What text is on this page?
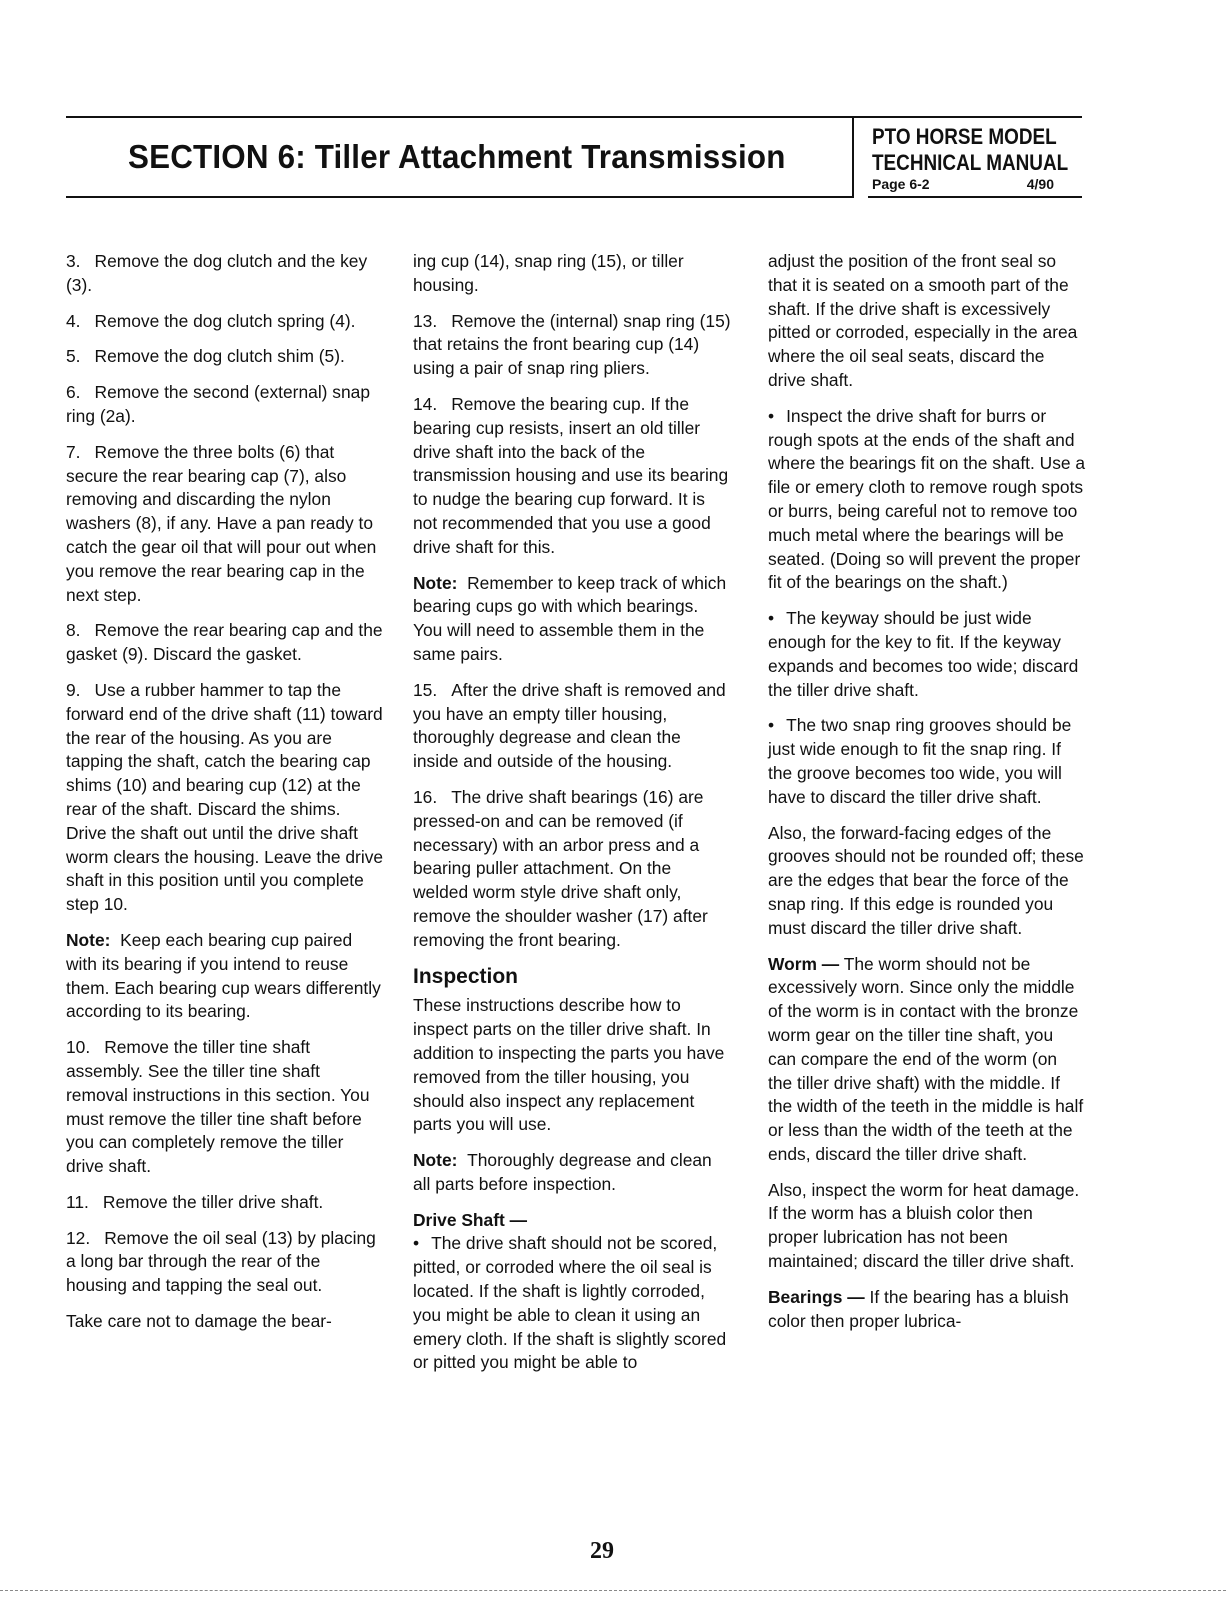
SECTION 6: Tiller Attachment Transmission
PTO HORSE MODEL
TECHNICAL MANUAL
Page 6-2	4/90

3. Remove the dog clutch and the key (3).

4. Remove the dog clutch spring (4).

5. Remove the dog clutch shim (5).

6. Remove the second (external) snap ring (2a).

7. Remove the three bolts (6) that secure the rear bearing cap (7), also removing and discarding the nylon washers (8), if any. Have a pan ready to catch the gear oil that will pour out when you remove the rear bearing cap in the next step.

8. Remove the rear bearing cap and the gasket (9). Discard the gasket.

9. Use a rubber hammer to tap the forward end of the drive shaft (11) toward the rear of the housing. As you are tapping the shaft, catch the bearing cap shims (10) and bearing cup (12) at the rear of the shaft. Discard the shims. Drive the shaft out until the drive shaft worm clears the housing. Leave the drive shaft in this position until you complete step 10.

Note: Keep each bearing cup paired with its bearing if you intend to reuse them. Each bearing cup wears differently according to its bearing.

10. Remove the tiller tine shaft assembly. See the tiller tine shaft removal instructions in this section. You must remove the tiller tine shaft before you can completely remove the tiller drive shaft.

11. Remove the tiller drive shaft.

12. Remove the oil seal (13) by placing a long bar through the rear of the housing and tapping the seal out.

Take care not to damage the bear-

ing cup (14), snap ring (15), or tiller housing.

13. Remove the (internal) snap ring (15) that retains the front bearing cup (14) using a pair of snap ring pliers.

14. Remove the bearing cup. If the bearing cup resists, insert an old tiller drive shaft into the back of the transmission housing and use its bearing to nudge the bearing cup forward. It is not recommended that you use a good drive shaft for this.

Note: Remember to keep track of which bearing cups go with which bearings. You will need to assemble them in the same pairs.

15. After the drive shaft is removed and you have an empty tiller housing, thoroughly degrease and clean the inside and outside of the housing.

16. The drive shaft bearings (16) are pressed-on and can be removed (if necessary) with an arbor press and a bearing puller attachment. On the welded worm style drive shaft only, remove the shoulder washer (17) after removing the front bearing.

Inspection

These instructions describe how to inspect parts on the tiller drive shaft. In addition to inspecting the parts you have removed from the tiller housing, you should also inspect any replacement parts you will use.

Note: Thoroughly degrease and clean all parts before inspection.

Drive Shaft —

• The drive shaft should not be scored, pitted, or corroded where the oil seal is located. If the shaft is lightly corroded, you might be able to clean it using an emery cloth. If the shaft is slightly scored or pitted you might be able to

adjust the position of the front seal so that it is seated on a smooth part of the shaft. If the drive shaft is excessively pitted or corroded, especially in the area where the oil seal seats, discard the drive shaft.

• Inspect the drive shaft for burrs or rough spots at the ends of the shaft and where the bearings fit on the shaft. Use a file or emery cloth to remove rough spots or burrs, being careful not to remove too much metal where the bearings will be seated. (Doing so will prevent the proper fit of the bearings on the shaft.)

• The keyway should be just wide enough for the key to fit. If the keyway expands and becomes too wide; discard the tiller drive shaft.

• The two snap ring grooves should be just wide enough to fit the snap ring. If the groove becomes too wide, you will have to discard the tiller drive shaft.

Also, the forward-facing edges of the grooves should not be rounded off; these are the edges that bear the force of the snap ring. If this edge is rounded you must discard the tiller drive shaft.

Worm — The worm should not be excessively worn. Since only the middle of the worm is in contact with the bronze worm gear on the tiller tine shaft, you can compare the end of the worm (on the tiller drive shaft) with the middle. If the width of the teeth in the middle is half or less than the width of the teeth at the ends, discard the tiller drive shaft.

Also, inspect the worm for heat damage. If the worm has a bluish color then proper lubrication has not been maintained; discard the tiller drive shaft.

Bearings — If the bearing has a bluish color then proper lubrica-

29
